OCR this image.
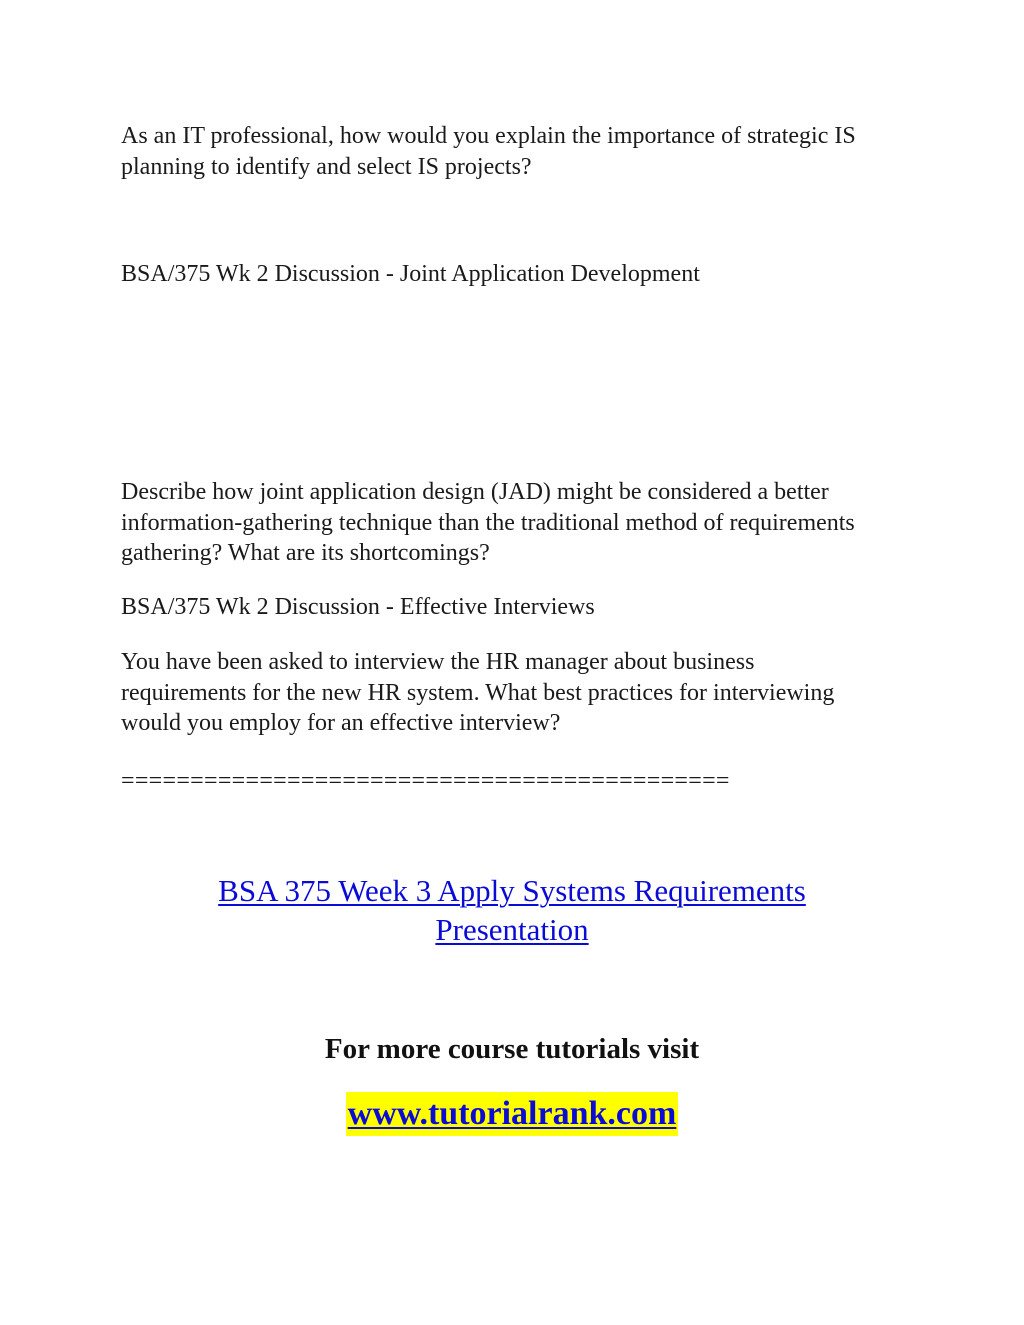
As an IT professional, how would you explain the importance of strategic IS planning to identify and select IS projects?

BSA/375 Wk 2 Discussion - Joint Application Development

Describe how joint application design (JAD) might be considered a better information-gathering technique than the traditional method of requirements gathering? What are its shortcomings?

BSA/375 Wk 2 Discussion - Effective Interviews

You have been asked to interview the HR manager about business requirements for the new HR system. What best practices for interviewing would you employ for an effective interview?

============================================

BSA 375 Week 3 Apply Systems Requirements
Presentation

For more course tutorials visit

www.tutorialrank.com
